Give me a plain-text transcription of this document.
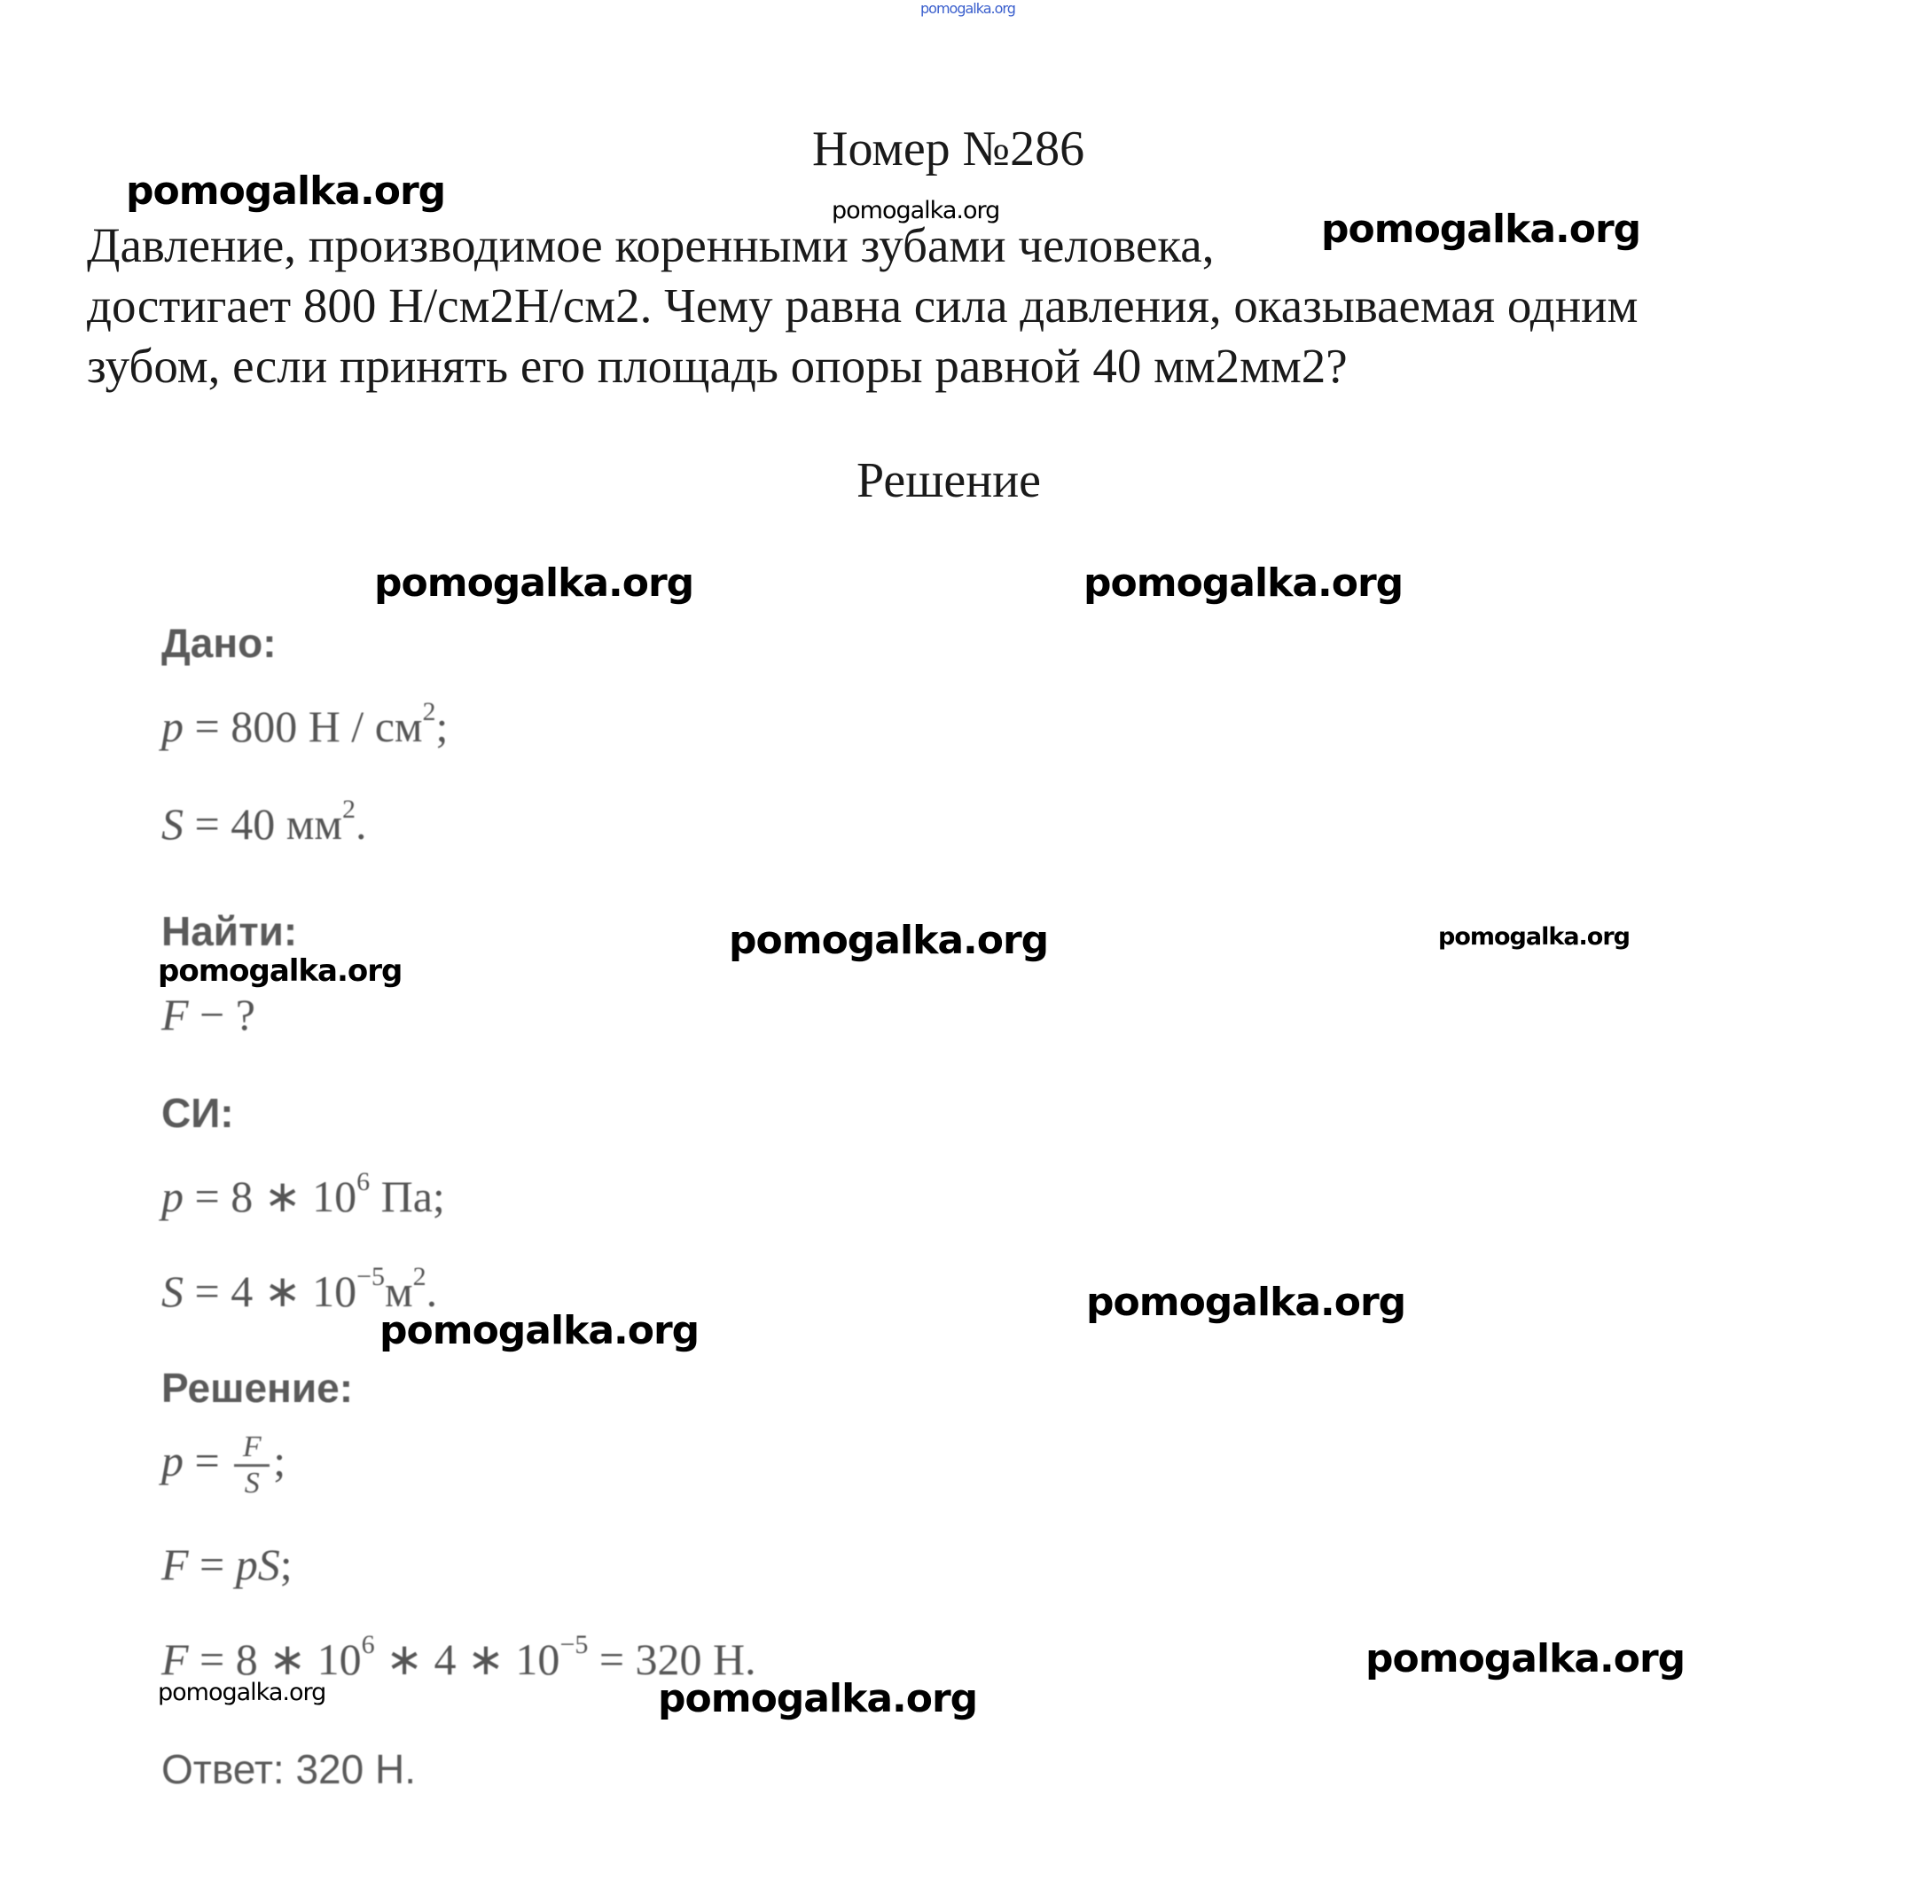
pomogalka.org
Номер №286
Давление, производимое коренными зубами человека,
достигает 800 Н/см2Н/см2. Чему равна сила давления, оказываемая одним
зубом, если принять его площадь опоры равной 40 мм2мм2?
Решение
Дано:
p = 800 Н / $см^2$;
S = 40 $мм^2$.
Найти:
F − ?
СИ:
p = 8 ∗ $10^6$ Па;
S = 4 ∗ $10^{-5}м^2$.
Решение:
$p = \frac{F}{S}$ ;
F = pS;
F = 8 ∗ $10^6$ ∗ 4 ∗ $10^{-5} = 320$ Н.
Ответ: 320 Н.
pomogalka.org	pomogalka.org	pomogalka.org
pomogalka.org	pomogalka.org
pomogalka.org	pomogalka.org
pomogalka.org
pomogalka.org
pomogalka.org
pomogalka.org
pomogalka.org	pomogalka.org
